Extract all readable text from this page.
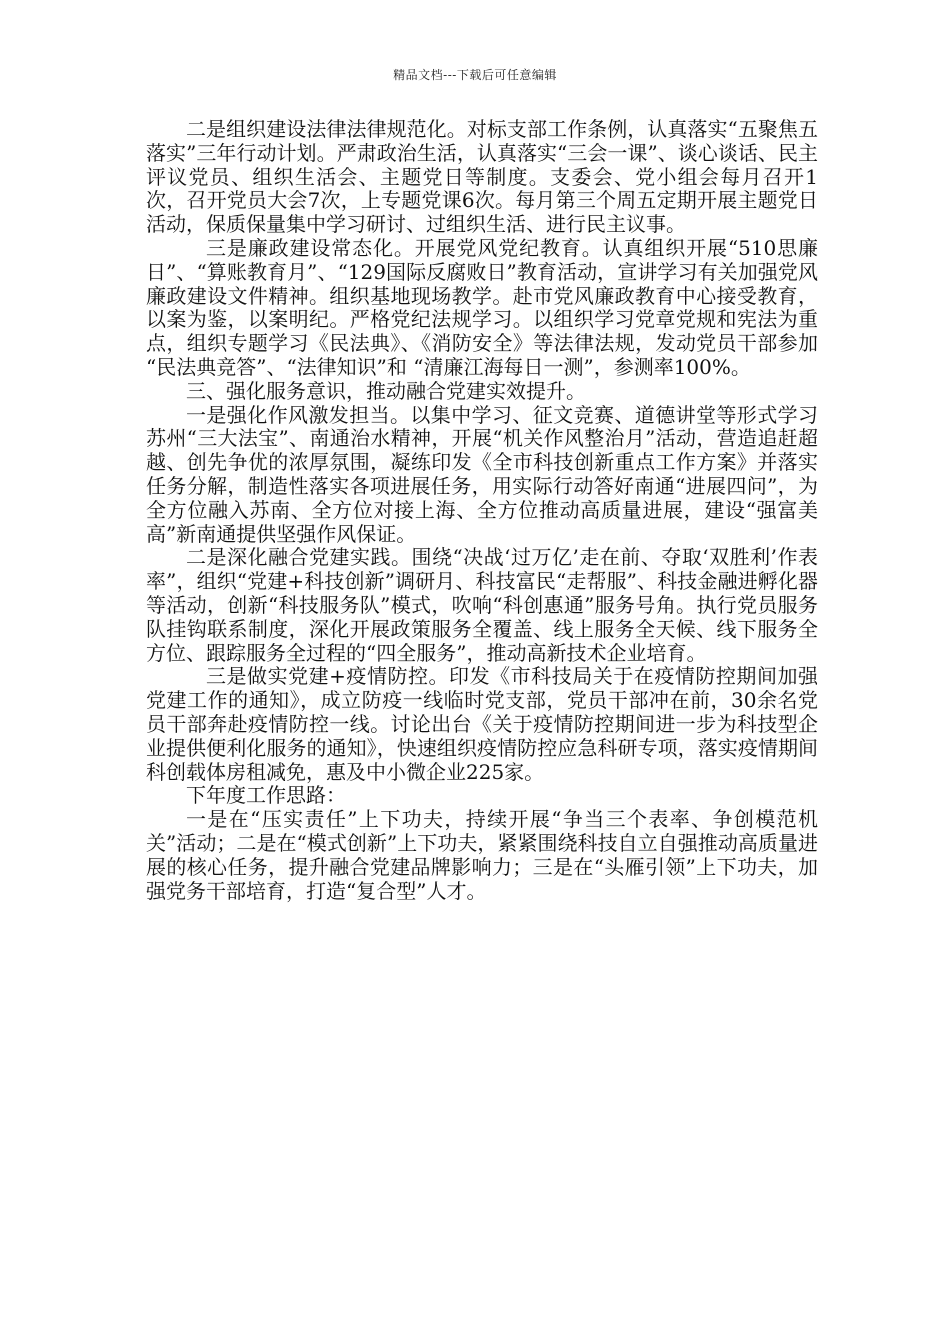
精品文档---下载后可任意编辑

二是组织建设法律法律规范化。对标支部工作条例，认真落实“五聚焦五落实”三年行动计划。严肃政治生活，认真落实“三会一课”、谈心谈话、民主评议党员、组织生活会、主题党日等制度。支委会、党小组会每月召开1次，召开党员大会7次，上专题党课6次。每月第三个周五定期开展主题党日活动，保质保量集中学习研讨、过组织生活、进行民主议事。

三是廉政建设常态化。开展党风党纪教育。认真组织开展“510思廉日”、“算账教育月”、“129国际反腐败日”教育活动，宣讲学习有关加强党风廉政建设文件精神。组织基地现场教学。赴市党风廉政教育中心接受教育，以案为鉴，以案明纪。严格党纪法规学习。以组织学习党章党规和宪法为重点，组织专题学习《民法典》、《消防安全》等法律法规，发动党员干部参加 “民法典竞答”、“法律知识”和 “清廉江海每日一测”，参测率100%。

三、强化服务意识，推动融合党建实效提升。

一是强化作风激发担当。以集中学习、征文竞赛、道德讲堂等形式学习苏州“三大法宝”、南通治水精神，开展“机关作风整治月”活动，营造追赶超越、创先争优的浓厚氛围，凝练印发《全市科技创新重点工作方案》并落实任务分解，制造性落实各项进展任务，用实际行动答好南通“进展四问”，为全方位融入苏南、全方位对接上海、全方位推动高质量进展，建设“强富美高”新南通提供坚强作风保证。

二是深化融合党建实践。围绕“决战‘过万亿’走在前、夺取‘双胜利’作表率”，组织“党建+科技创新”调研月、科技富民“走帮服”、科技金融进孵化器等活动，创新“科技服务队”模式，吹响“科创惠通”服务号角。执行党员服务队挂钩联系制度，深化开展政策服务全覆盖、线上服务全天候、线下服务全方位、跟踪服务全过程的“四全服务”，推动高新技术企业培育。

三是做实党建+疫情防控。印发《市科技局关于在疫情防控期间加强党建工作的通知》，成立防疫一线临时党支部，党员干部冲在前，30余名党员干部奔赴疫情防控一线。讨论出台《关于疫情防控期间进一步为科技型企业提供便利化服务的通知》，快速组织疫情防控应急科研专项，落实疫情期间科创载体房租减免，惠及中小微企业225家。

下年度工作思路：

一是在“压实责任”上下功夫，持续开展“争当三个表率、争创模范机关”活动；二是在“模式创新”上下功夫，紧紧围绕科技自立自强推动高质量进展的核心任务，提升融合党建品牌影响力；三是在“头雁引领”上下功夫，加强党务干部培育，打造“复合型”人才。
